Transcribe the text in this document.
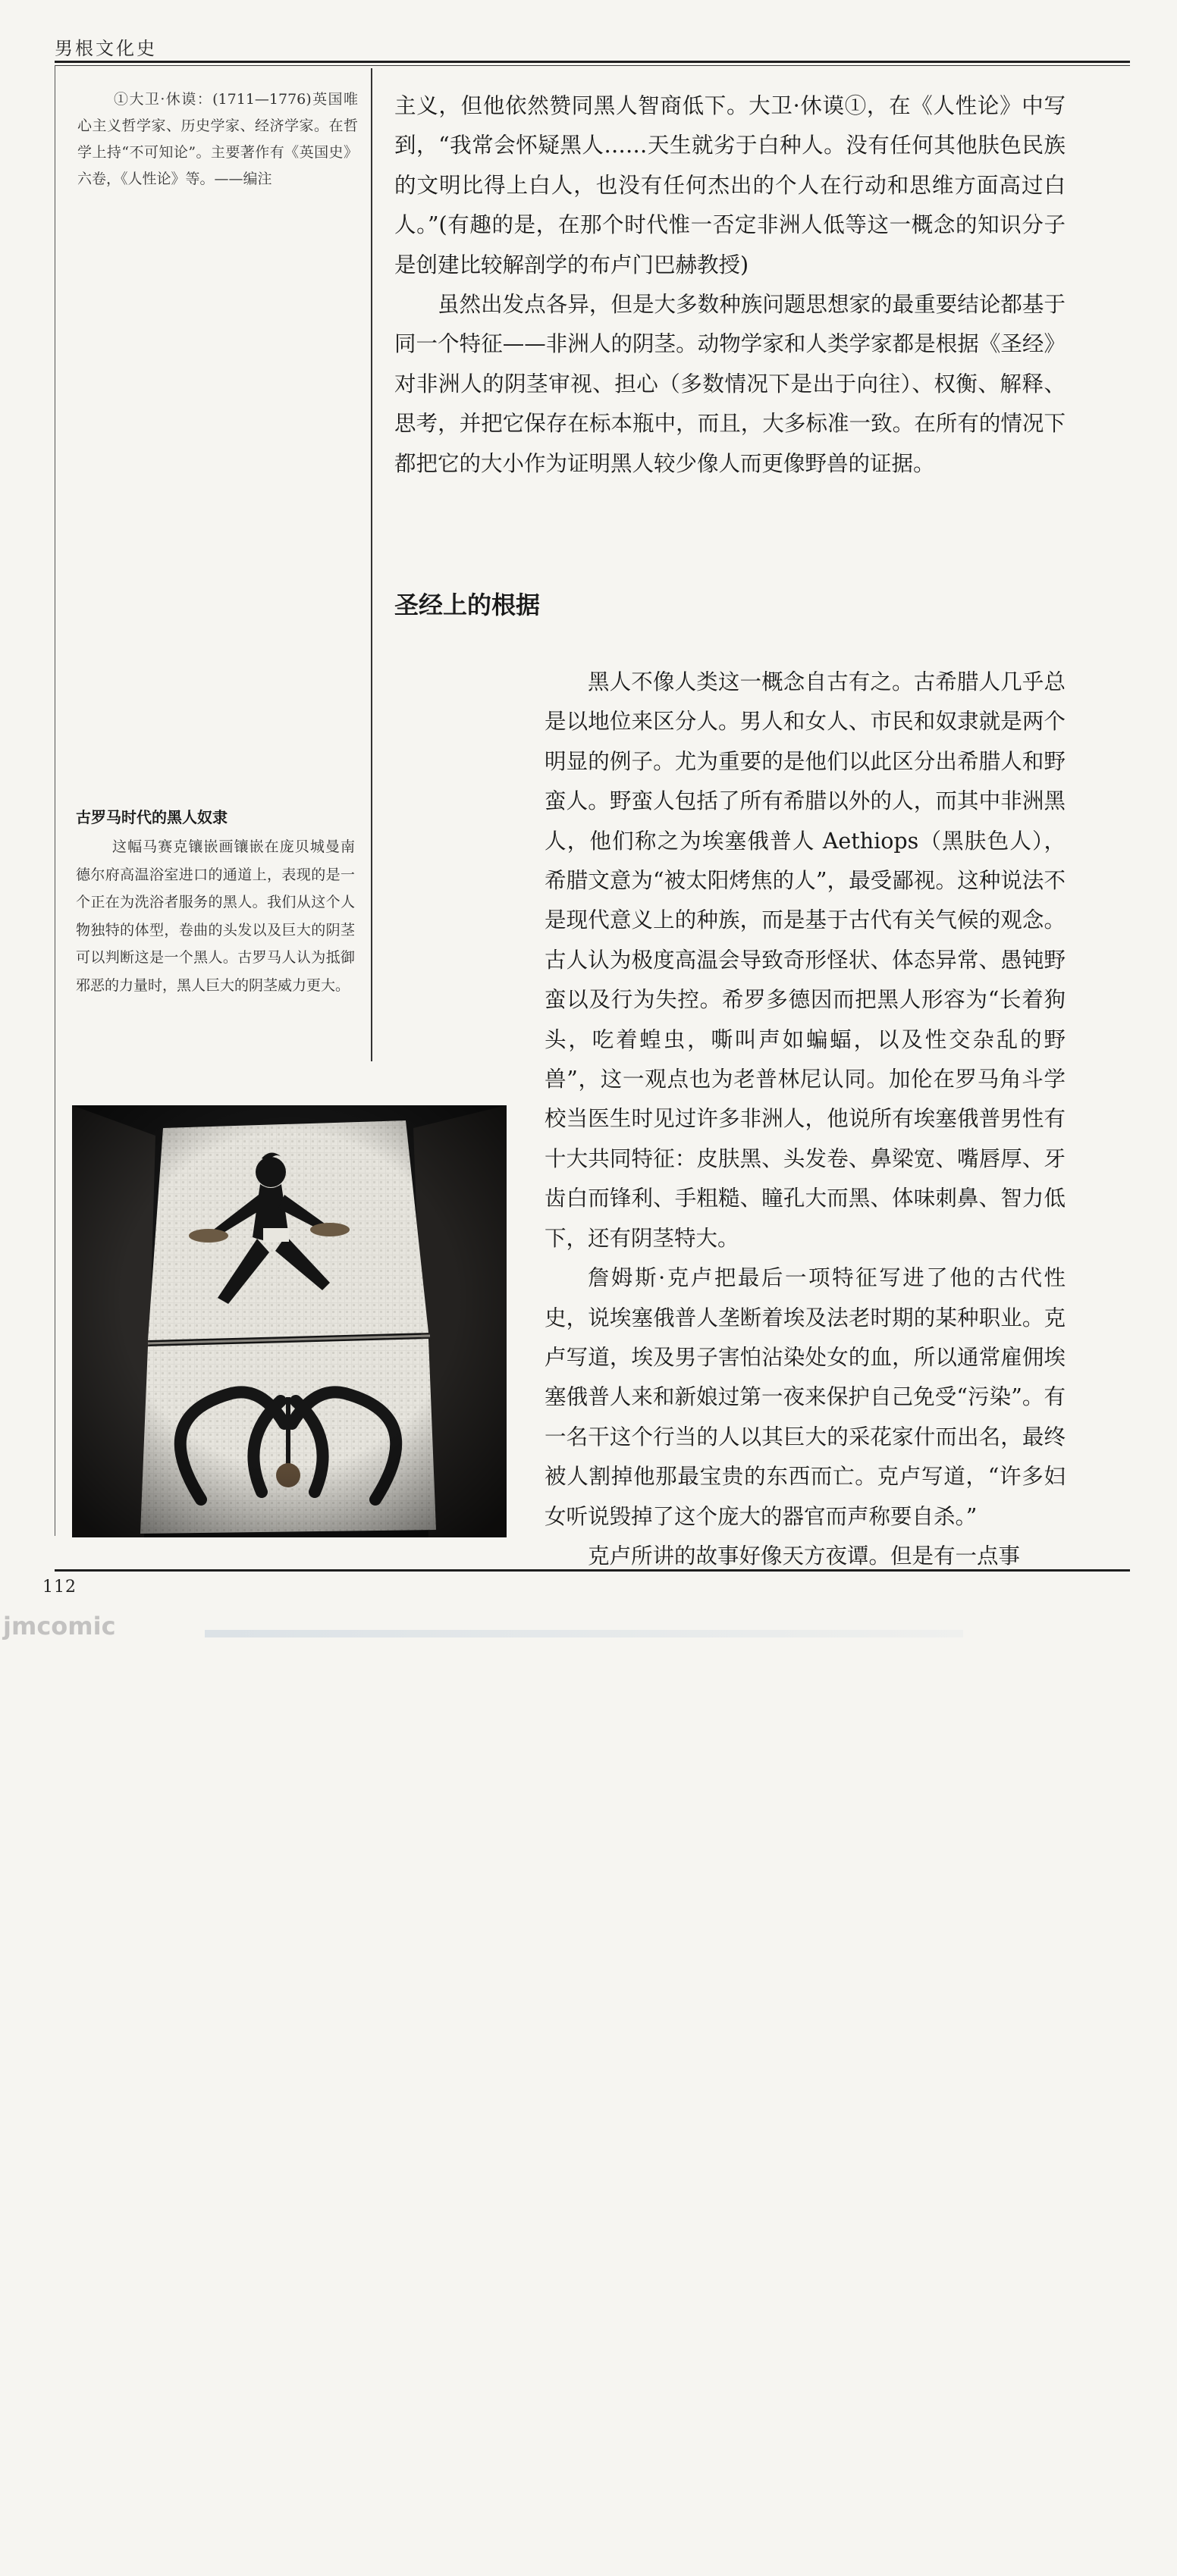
男根文化史
①大卫·休谟：(1711—1776)英国唯心主义哲学家、历史学家、经济学家。在哲学上持“不可知论”。主要著作有《英国史》六卷，《人性论》等。——编注

古罗马时代的黑人奴隶

这幅马赛克镶嵌画镶嵌在庞贝城曼南德尔府高温浴室进口的通道上，表现的是一个正在为洗浴者服务的黑人。我们从这个人物独特的体型，卷曲的头发以及巨大的阴茎可以判断这是一个黑人。古罗马人认为抵御邪恶的力量时，黑人巨大的阴茎威力更大。

主义，但他依然赞同黑人智商低下。大卫·休谟①，在《人性论》中写到，“我常会怀疑黑人……天生就劣于白种人。没有任何其他肤色民族的文明比得上白人，也没有任何杰出的个人在行动和思维方面高过白人。”(有趣的是，在那个时代惟一否定非洲人低等这一概念的知识分子是创建比较解剖学的布卢门巴赫教授)

虽然出发点各异，但是大多数种族问题思想家的最重要结论都基于同一个特征——非洲人的阴茎。动物学家和人类学家都是根据《圣经》对非洲人的阴茎审视、担心（多数情况下是出于向往）、权衡、解释、思考，并把它保存在标本瓶中，而且，大多标准一致。在所有的情况下都把它的大小作为证明黑人较少像人而更像野兽的证据。

圣经上的根据

黑人不像人类这一概念自古有之。古希腊人几乎总是以地位来区分人。男人和女人、市民和奴隶就是两个明显的例子。尤为重要的是他们以此区分出希腊人和野蛮人。野蛮人包括了所有希腊以外的人，而其中非洲黑人，他们称之为埃塞俄普人 Aethiops（黑肤色人），希腊文意为“被太阳烤焦的人”，最受鄙视。这种说法不是现代意义上的种族，而是基于古代有关气候的观念。古人认为极度高温会导致奇形怪状、体态异常、愚钝野蛮以及行为失控。希罗多德因而把黑人形容为“长着狗头，吃着蝗虫，嘶叫声如蝙蝠，以及性交杂乱的野兽”，这一观点也为老普林尼认同。加伦在罗马角斗学校当医生时见过许多非洲人，他说所有埃塞俄普男性有十大共同特征：皮肤黑、头发卷、鼻梁宽、嘴唇厚、牙齿白而锋利、手粗糙、瞳孔大而黑、体味刺鼻、智力低下，还有阴茎特大。

詹姆斯·克卢把最后一项特征写进了他的古代性史，说埃塞俄普人垄断着埃及法老时期的某种职业。克卢写道，埃及男子害怕沾染处女的血，所以通常雇佣埃塞俄普人来和新娘过第一夜来保护自己免受“污染”。有一名干这个行当的人以其巨大的采花家什而出名，最终被人割掉他那最宝贵的东西而亡。克卢写道，“许多妇女听说毁掉了这个庞大的器官而声称要自杀。”

克卢所讲的故事好像天方夜谭。但是有一点事

112
jmcomic
